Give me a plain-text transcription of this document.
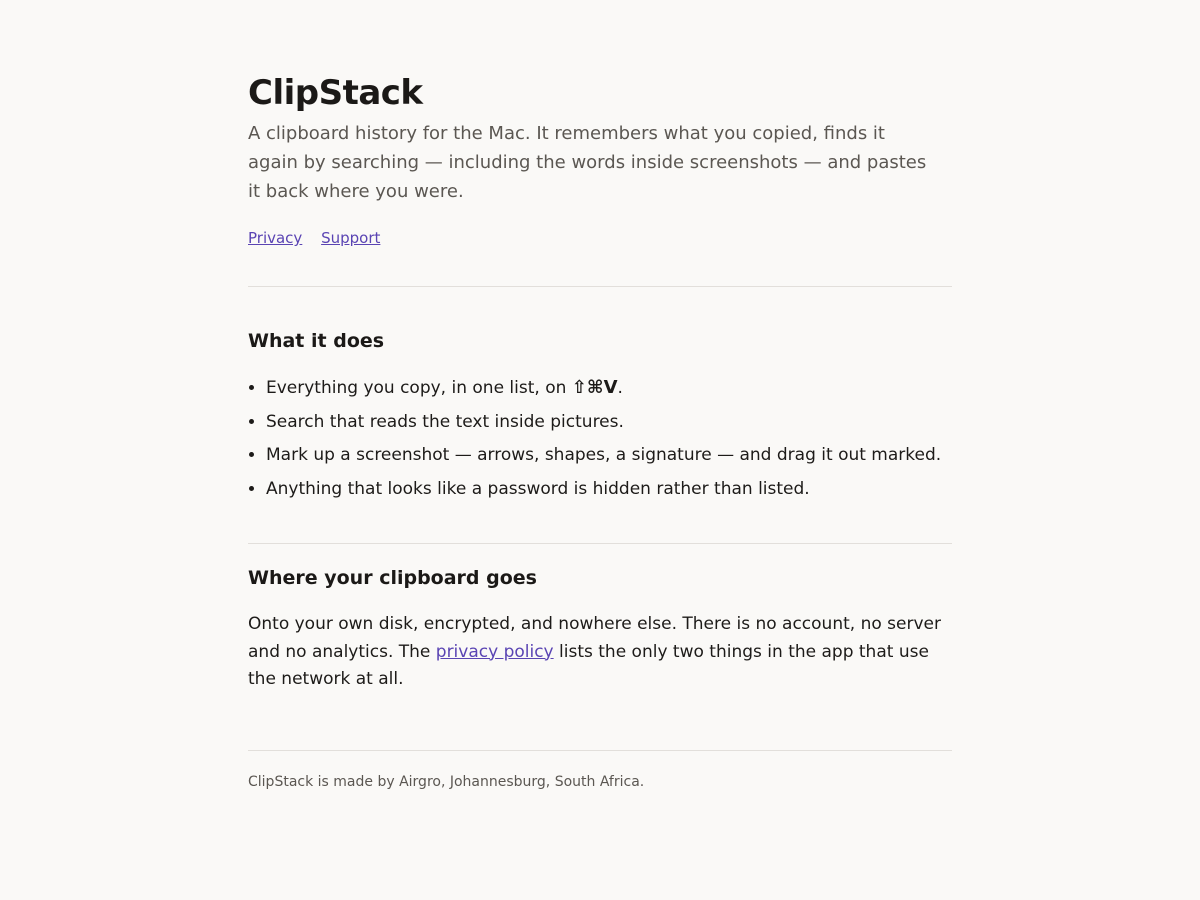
ClipStack

A clipboard history for the Mac. It remembers what you copied, finds it again by searching — including the words inside screenshots — and pastes it back where you were.

Privacy Support
What it does
• Everything you copy, in one list, on ⇧⌘V.
• Search that reads the text inside pictures.
• Mark up a screenshot — arrows, shapes, a signature — and drag it out marked.
• Anything that looks like a password is hidden rather than listed.
Where your clipboard goes

Onto your own disk, encrypted, and nowhere else. There is no account, no server and no analytics. The privacy policy lists the only two things in the app that use the network at all.

ClipStack is made by Airgro, Johannesburg, South Africa.
